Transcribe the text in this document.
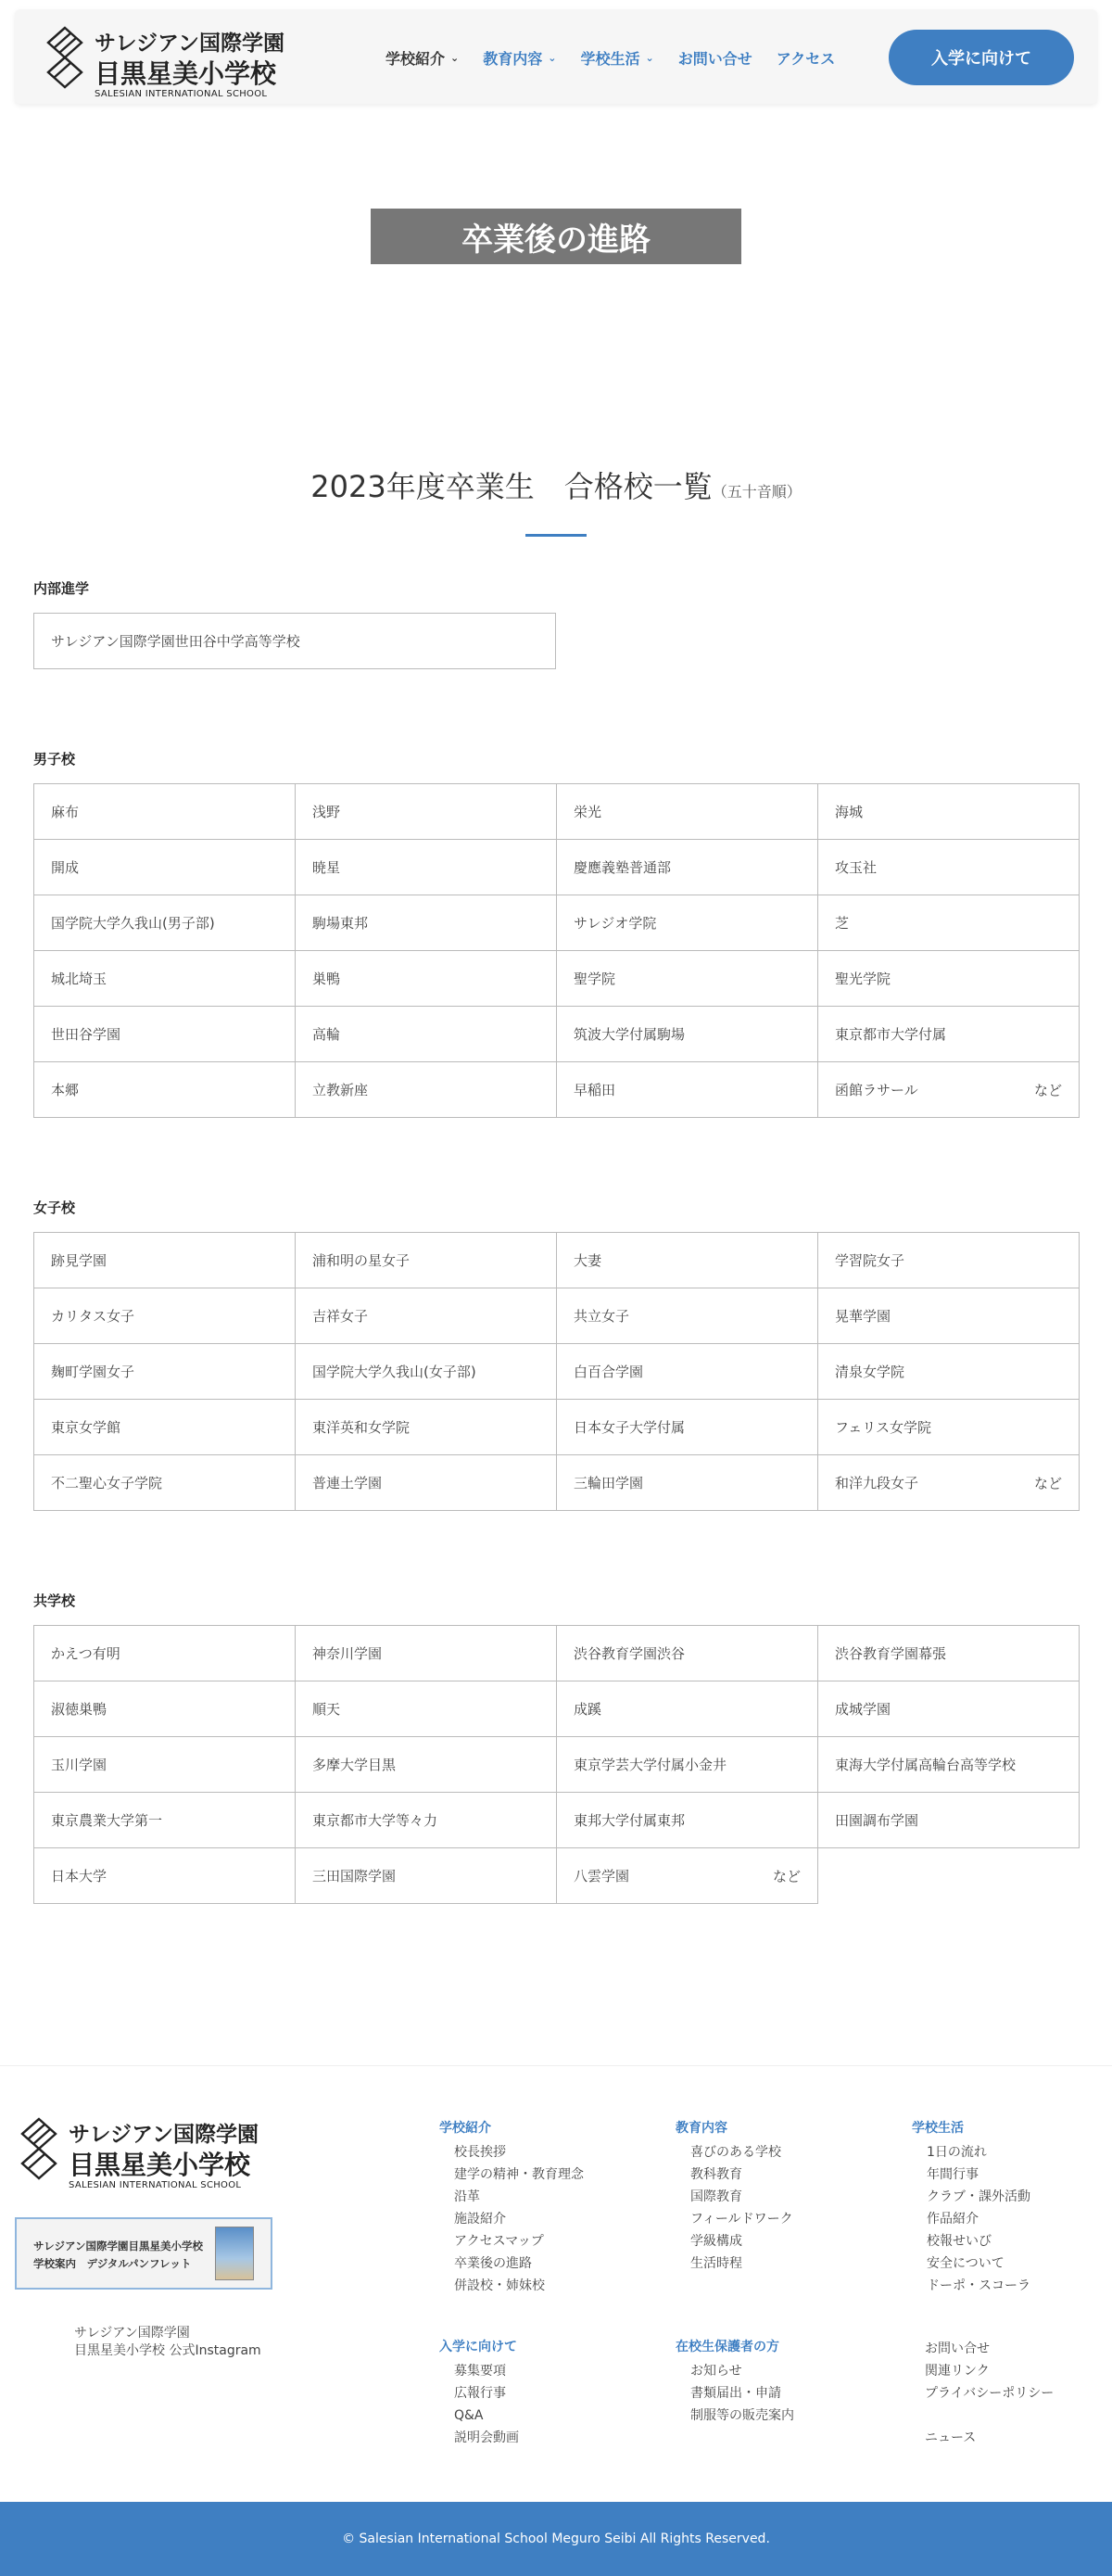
サレジアン国際学園
目黒星美小学校
SALESIAN INTERNATIONAL SCHOOL
学校紹介 ⌄ 教育内容 ⌄ 学校生活 ⌄ お問い合せ アクセス	入学に向けて
卒業後の進路
2023年度卒業生　合格校一覧（五十音順）
内部進学
サレジアン国際学園世田谷中学高等学校
男子校
麻布	浅野	栄光	海城
開成	暁星	慶應義塾普通部	攻玉社
国学院大学久我山(男子部)	駒場東邦	サレジオ学院	芝
城北埼玉	巣鴨	聖学院	聖光学院
世田谷学園	高輪	筑波大学付属駒場	東京都市大学付属
本郷	立教新座	早稲田	函館ラサール など
女子校
跡見学園	浦和明の星女子	大妻	学習院女子
カリタス女子	吉祥女子	共立女子	晃華学園
麹町学園女子	国学院大学久我山(女子部)	白百合学園	清泉女学院
東京女学館	東洋英和女学院	日本女子大学付属	フェリス女学院
不二聖心女子学院	普連土学園	三輪田学園	和洋九段女子 など
共学校
かえつ有明	神奈川学園	渋谷教育学園渋谷	渋谷教育学園幕張
淑徳巣鴨	順天	成蹊	成城学園
玉川学園	多摩大学目黒	東京学芸大学付属小金井	東海大学付属高輪台高等学校
東京農業大学第一	東京都市大学等々力	東邦大学付属東邦	田園調布学園
日本大学	三田国際学園	八雲学園 など	

サレジアン国際学園
目黒星美小学校
SALESIAN INTERNATIONAL SCHOOL
サレジアン国際学園目黒星美小学校
学校案内　デジタルパンフレット
サレジアン国際学園
目黒星美小学校 公式Instagram
学校紹介
校長挨拶
建学の精神・教育理念
沿革
施設紹介
アクセスマップ
卒業後の進路
併設校・姉妹校
教育内容
喜びのある学校
教科教育
国際教育
フィールドワーク
学級構成
生活時程
学校生活
1日の流れ
年間行事
クラブ・課外活動
作品紹介
校報せいび
安全について
ドーポ・スコーラ
入学に向けて
募集要項
広報行事
Q&A
説明会動画
在校生保護者の方
お知らせ
書類届出・申請
制服等の販売案内
お問い合せ
関連リンク
プライバシーポリシー

ニュース
© Salesian International School Meguro Seibi All Rights Reserved.
